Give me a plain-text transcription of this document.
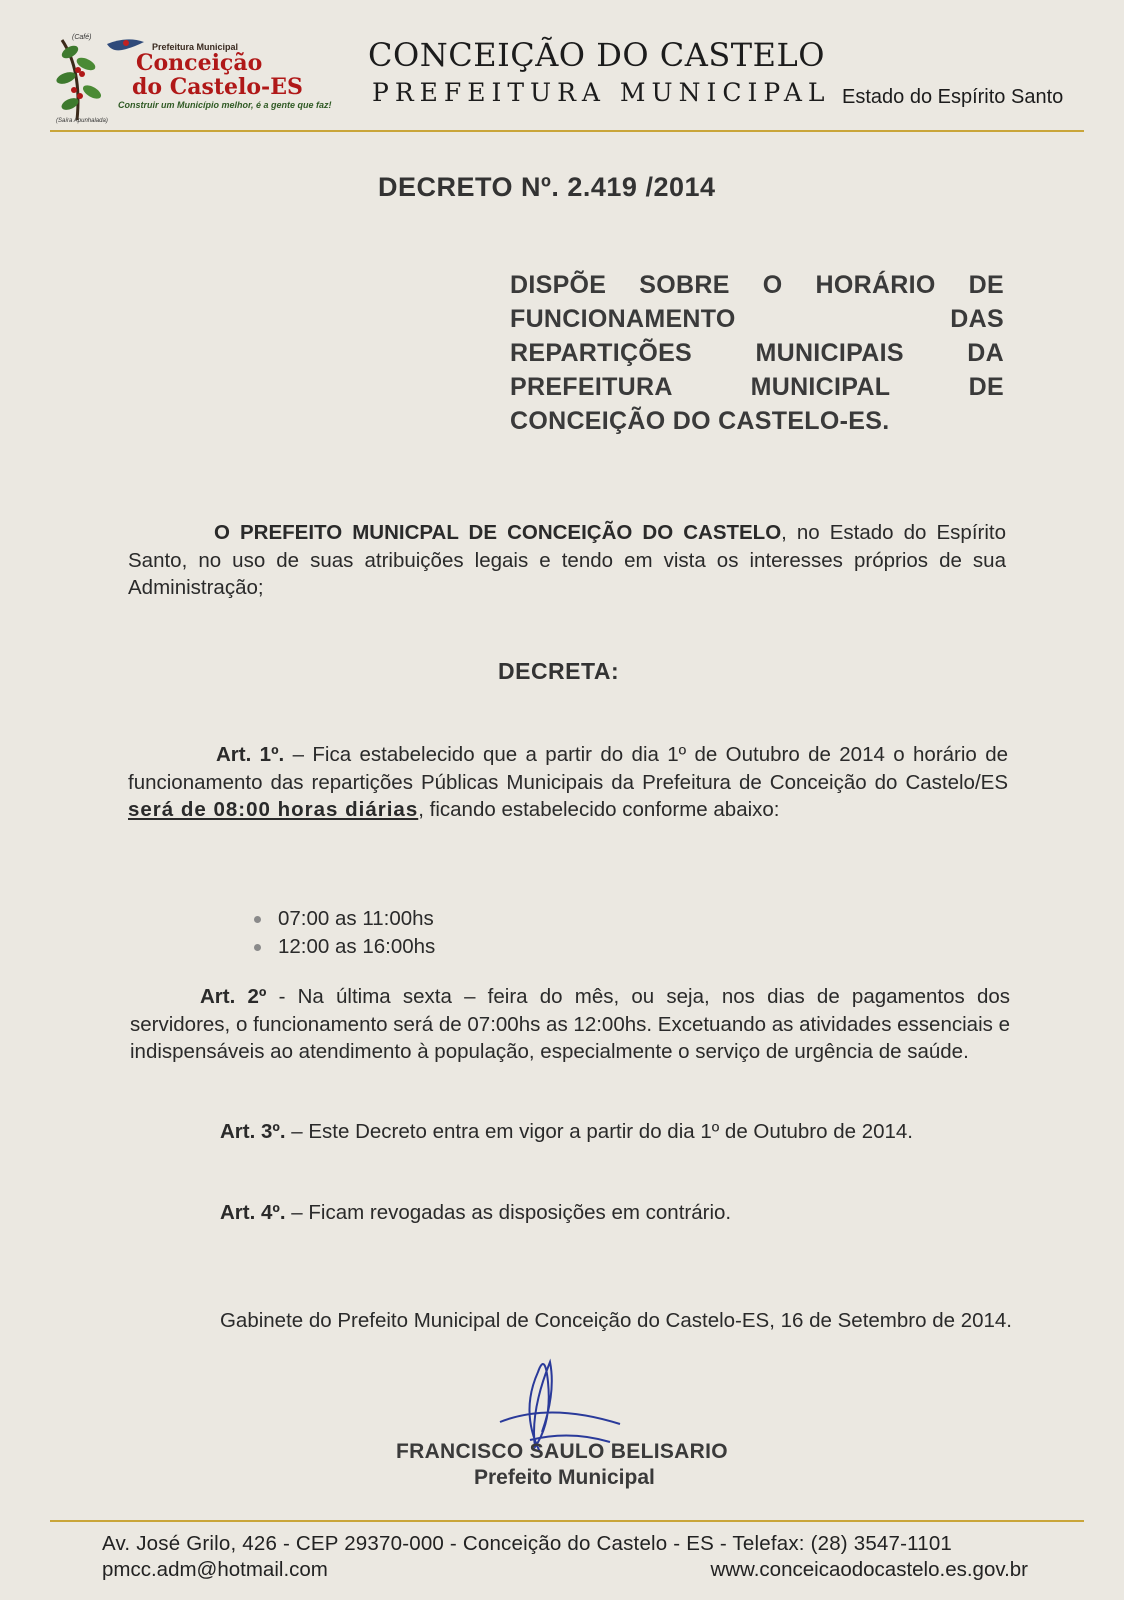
(Café)
Prefeitura Municipal
Conceição
do Castelo-ES
Construir um Município melhor, é a gente que faz!
(Saíra Apunhalada)
CONCEIÇÃO DO CASTELO
PREFEITURA MUNICIPAL Estado do Espírito Santo
DECRETO Nº. 2.419 /2014
DISPÕE SOBRE O HORÁRIO DE
FUNCIONAMENTO DAS
REPARTIÇÕES MUNICIPAIS DA
PREFEITURA MUNICIPAL DE
CONCEIÇÃO DO CASTELO-ES.
O PREFEITO MUNICPAL DE CONCEIÇÃO DO CASTELO, no Estado do Espírito Santo, no uso de suas atribuições legais e tendo em vista os interesses próprios de sua Administração;
DECRETA:
Art. 1º. – Fica estabelecido que a partir do dia 1º de Outubro de 2014 o horário de funcionamento das repartições Públicas Municipais da Prefeitura de Conceição do Castelo/ES será de 08:00 horas diárias, ficando estabelecido conforme abaixo:
07:00 as 11:00hs
12:00 as 16:00hs
Art. 2º - Na última sexta – feira do mês, ou seja, nos dias de pagamentos dos servidores, o funcionamento será de 07:00hs as 12:00hs. Excetuando as atividades essenciais e indispensáveis ao atendimento à população, especialmente o serviço de urgência de saúde.
Art. 3º. – Este Decreto entra em vigor a partir do dia 1º de Outubro de 2014.
Art. 4º. – Ficam revogadas as disposições em contrário.
Gabinete do Prefeito Municipal de Conceição do Castelo-ES, 16 de Setembro de 2014.
FRANCISCO SAULO BELISARIO
Prefeito Municipal
Av. José Grilo, 426 - CEP 29370-000 - Conceição do Castelo - ES - Telefax: (28) 3547-1101
pmcc.adm@hotmail.com	www.conceicaodocastelo.es.gov.br
